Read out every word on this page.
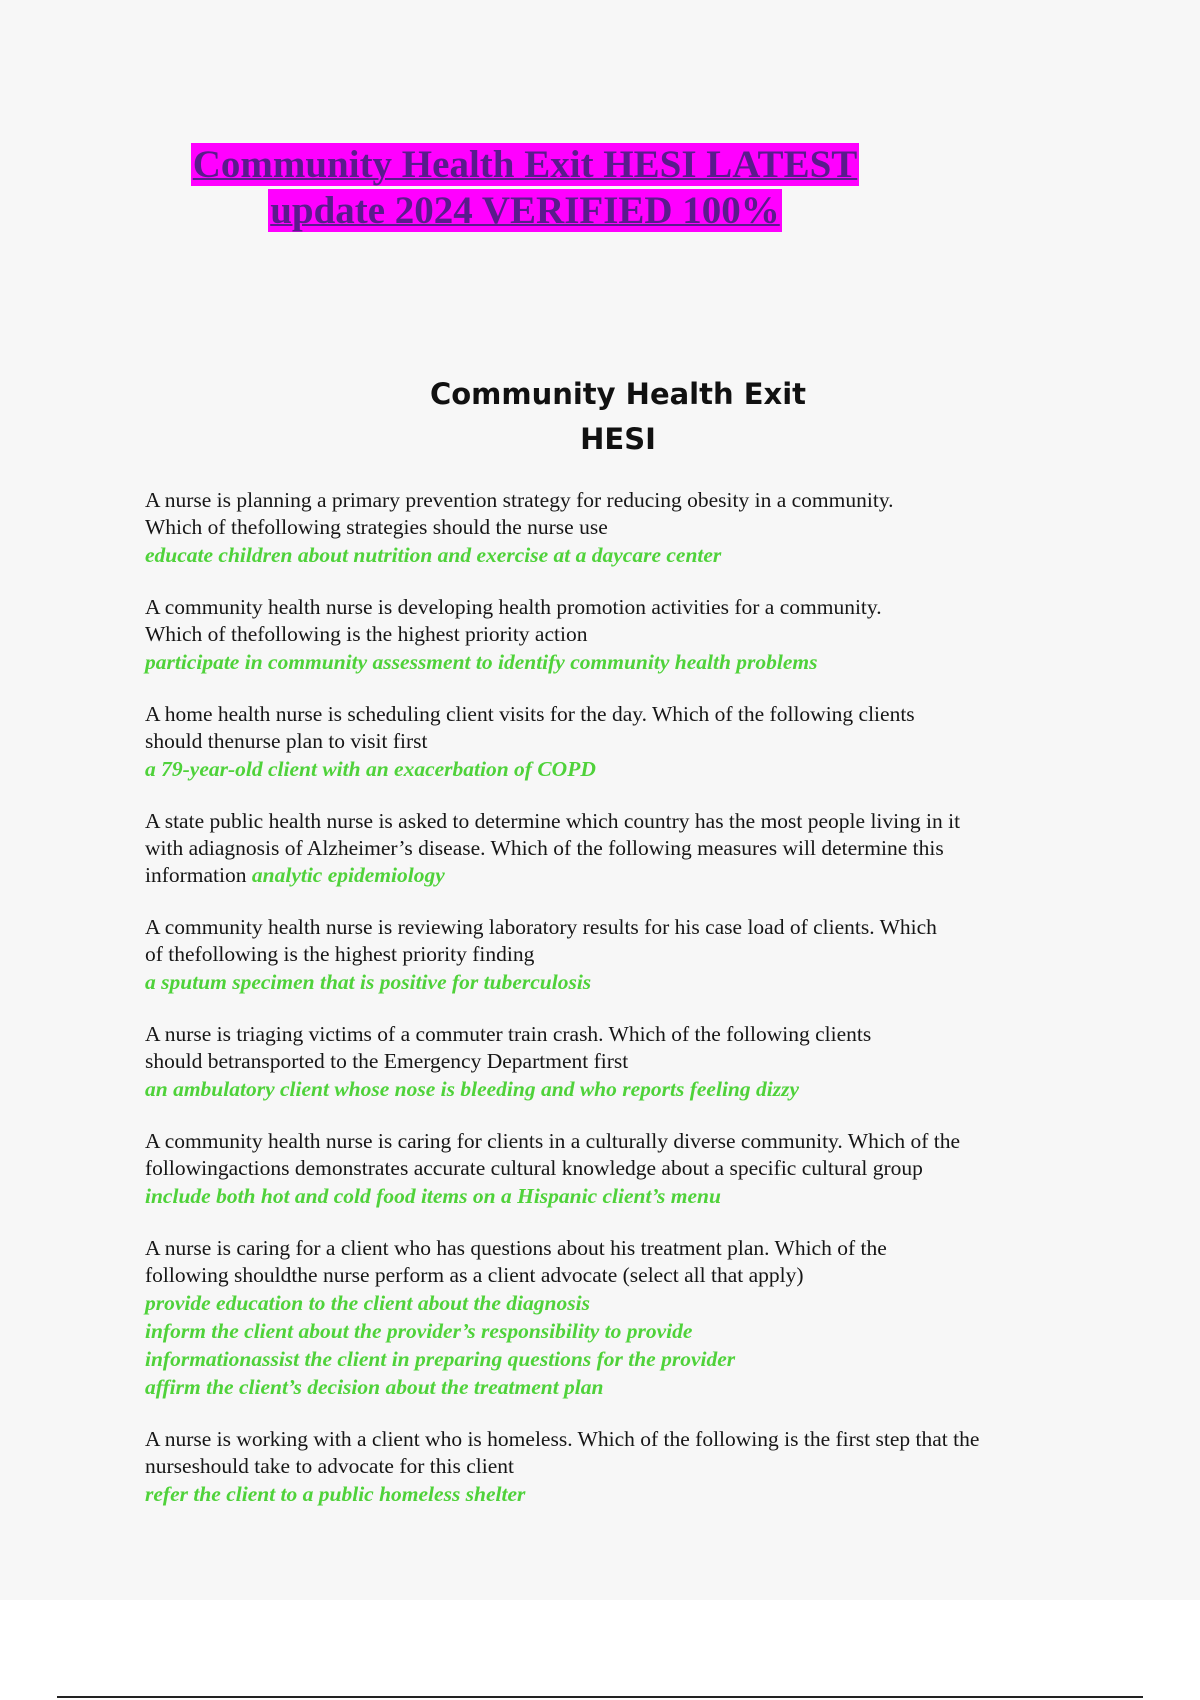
Community Health Exit HESI LATEST
update 2024 VERIFIED 100%
Community Health Exit
HESI
A nurse is planning a primary prevention strategy for reducing obesity in a community.
Which of thefollowing strategies should the nurse use
educate children about nutrition and exercise at a daycare center
A community health nurse is developing health promotion activities for a community.
Which of thefollowing is the highest priority action
participate in community assessment to identify community health problems
A home health nurse is scheduling client visits for the day. Which of the following clients
should thenurse plan to visit first
a 79-year-old client with an exacerbation of COPD
A state public health nurse is asked to determine which country has the most people living in it
with adiagnosis of Alzheimer’s disease. Which of the following measures will determine this
information analytic epidemiology
A community health nurse is reviewing laboratory results for his case load of clients. Which
of thefollowing is the highest priority finding
a sputum specimen that is positive for tuberculosis
A nurse is triaging victims of a commuter train crash. Which of the following clients
should betransported to the Emergency Department first
an ambulatory client whose nose is bleeding and who reports feeling dizzy
A community health nurse is caring for clients in a culturally diverse community. Which of the
followingactions demonstrates accurate cultural knowledge about a specific cultural group
include both hot and cold food items on a Hispanic client’s menu
A nurse is caring for a client who has questions about his treatment plan. Which of the
following shouldthe nurse perform as a client advocate (select all that apply)
provide education to the client about the diagnosis
inform the client about the provider’s responsibility to provide
informationassist the client in preparing questions for the provider
affirm the client’s decision about the treatment plan
A nurse is working with a client who is homeless. Which of the following is the first step that the
nurseshould take to advocate for this client
refer the client to a public homeless shelter
